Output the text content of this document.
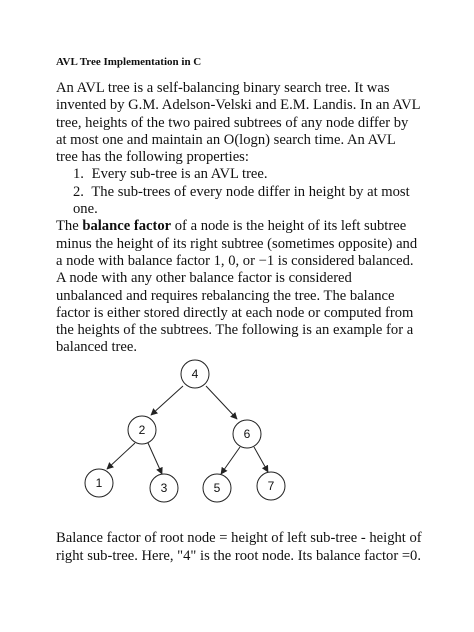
AVL Tree Implementation in C

An AVL tree is a self-balancing binary search tree. It was invented by G.M. Adelson-Velski and E.M. Landis. In an AVL tree, heights of the two paired subtrees of any node differ by at most one and maintain an O(logn) search time. An AVL tree has the following properties:

1. Every sub-tree is an AVL tree.
2. The sub-trees of every node differ in height by at most one.

The balance factor of a node is the height of its left subtree minus the height of its right subtree (sometimes opposite) and a node with balance factor 1, 0, or −1 is considered balanced. A node with any other balance factor is considered unbalanced and requires rebalancing the tree. The balance factor is either stored directly at each node or computed from the heights of the subtrees. The following is an example for a balanced tree.

4
2	6
1	3	5	7

Balance factor of root node = height of left sub-tree - height of right sub-tree. Here, "4" is the root node. Its balance factor =0.
